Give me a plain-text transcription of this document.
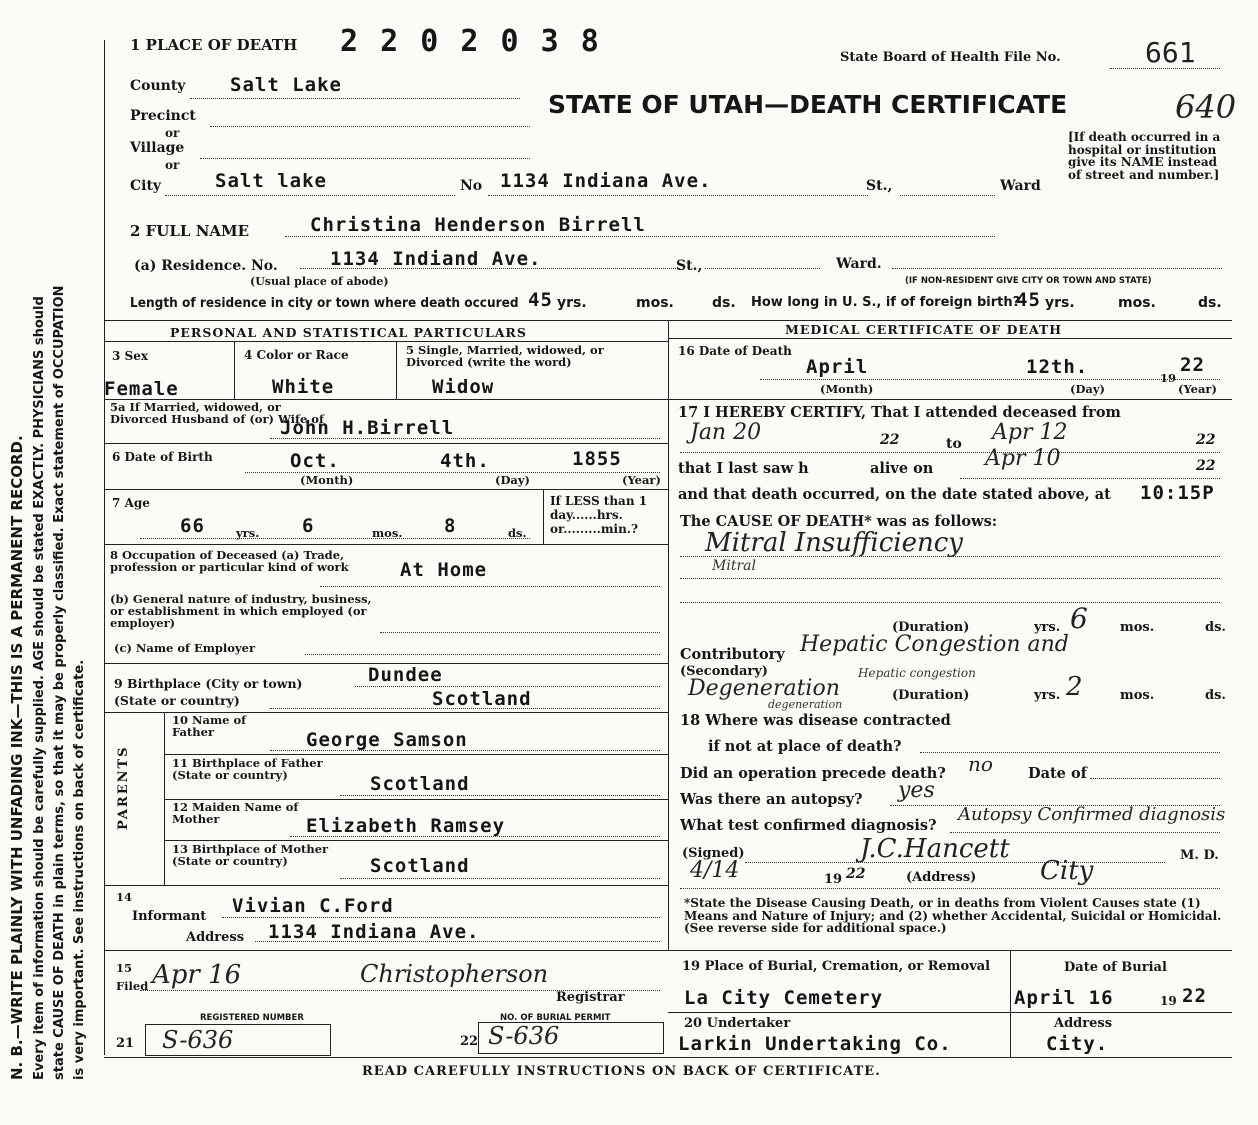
N. B.—WRITE PLAINLY WITH UNFADING INK—THIS IS A PERMANENT RECORD. Every item of information should be carefully supplied. AGE should be stated EXACTLY. PHYSICIANS should state CAUSE OF DEATH in plain terms, so that it may be properly classified. Exact statement of OCCUPATION is very important. See instructions on back of certificate.
1 PLACE OF DEATH 2 2 0 2 0 3 8	State Board of Health File No.	661
County Salt Lake
STATE OF UTAH—DEATH CERTIFICATE	640
Precinct
or
Village
or
[If death occurred in a hospital or institution give its NAME instead of street and number.]
City	Salt lake	No 1134 Indiana Ave.	St.,	Ward
2 FULL NAME	Christina Henderson Birrell
(a) Residence. No.	1134 Indiand Ave.	St.,	Ward.
(Usual place of abode)	(IF NON-RESIDENT GIVE CITY OR TOWN AND STATE)
Length of residence in city or town where death occured 45 yrs.	mos.	ds. How long in U. S., if of foreign birth?
45 yrs.	mos.	ds.
PERSONAL AND STATISTICAL PARTICULARS
3 Sex	4 Color or Race	5 Single, Married, widowed, or Divorced (write the word)
Female	White	Widow
5a If Married, widowed, or Divorced Husband of (or) Wife of
John H.Birrell
6 Date of Birth	Oct.	4th.	1855
(Month)	(Day)	(Year)
7 Age
66	yrs. 6	mos. 8	ds.
If LESS than 1 day......hrs. or.........min.?
8 Occupation of Deceased (a) Trade, profession or particular kind of work	At Home
(b) General nature of industry, business, or establishment in which employed (or employer)
(c) Name of Employer
9 Birthplace (City or town)	Dundee
(State or country)	Scotland
PARENTS
10 Name of Father	George Samson
11 Birthplace of Father (State or country)	Scotland
12 Maiden Name of Mother	Elizabeth Ramsey
13 Birthplace of Mother (State or country)	Scotland
14
Informant Vivian C.Ford
Address 1134 Indiana Ave.
MEDICAL CERTIFICATE OF DEATH
16 Date of Death
April	12th.	19
22
(Month)	(Day)	(Year)
17 I HEREBY CERTIFY, That I attended deceased from
Jan 20	22	to Apr 12	22
that I last saw h	alive on Apr 10	22
and that death occurred, on the date stated above, at 10:15P
The CAUSE OF DEATH* was as follows:
Mitral Insufficiency
Mitral
(Duration)	6
yrs.	mos.	ds.
Contributory Hepatic Congestion and
(Secondary)	Hepatic congestion
Degeneration
degeneration
(Duration)	yrs. 2	mos.	ds.
18 Where was disease contracted
if not at place of death?
Did an operation precede death? no Date of
Was there an autopsy? yes
What test confirmed diagnosis?
Autopsy Confirmed diagnosis
(Signed)	J.C.Hancett	M. D.
4/14	19 22	(Address) City
*State the Disease Causing Death, or in deaths from Violent Causes state (1) Means and Nature of Injury; and (2) whether Accidental, Suicidal or Homicidal. (See reverse side for additional space.)
15
Filed Apr 16	Christopherson
Registrar
REGISTERED NUMBER
21 S-636
NO. OF BURIAL PERMIT
22 S-636
19 Place of Burial, Cremation, or Removal
La City Cemetery
Date of Burial
April 16	19 22
20 Undertaker
Larkin Undertaking Co.
Address
City.
READ CAREFULLY INSTRUCTIONS ON BACK OF CERTIFICATE.
